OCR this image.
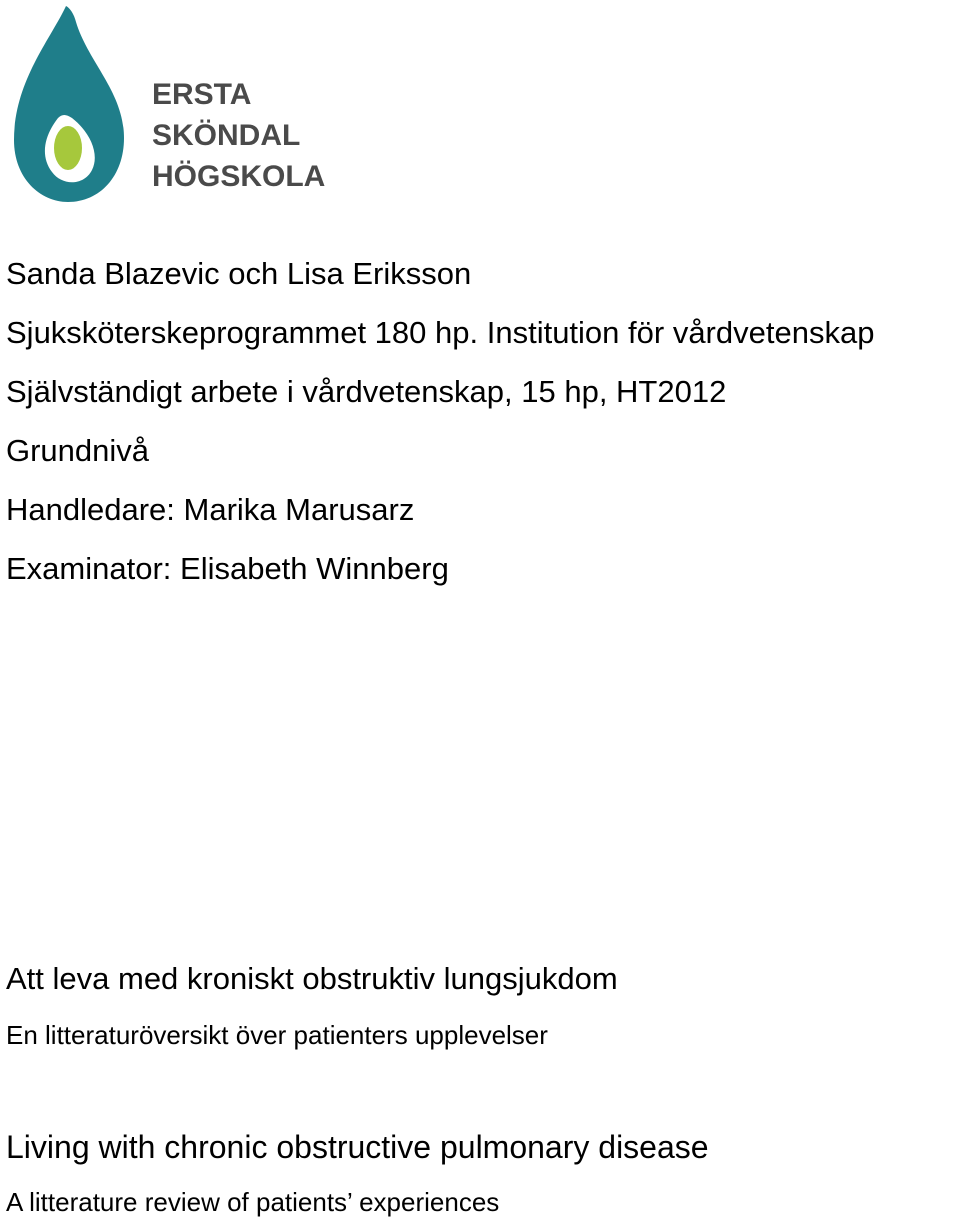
ERSTA
SKÖNDAL
HÖGSKOLA
Sanda Blazevic och Lisa Eriksson
Sjuksköterskeprogrammet 180 hp. Institution för vårdvetenskap
Självständigt arbete i vårdvetenskap, 15 hp, HT2012
Grundnivå
Handledare: Marika Marusarz
Examinator: Elisabeth Winnberg
Att leva med kroniskt obstruktiv lungsjukdom
En litteraturöversikt över patienters upplevelser
Living with chronic obstructive pulmonary disease
A litterature review of patients’ experiences
